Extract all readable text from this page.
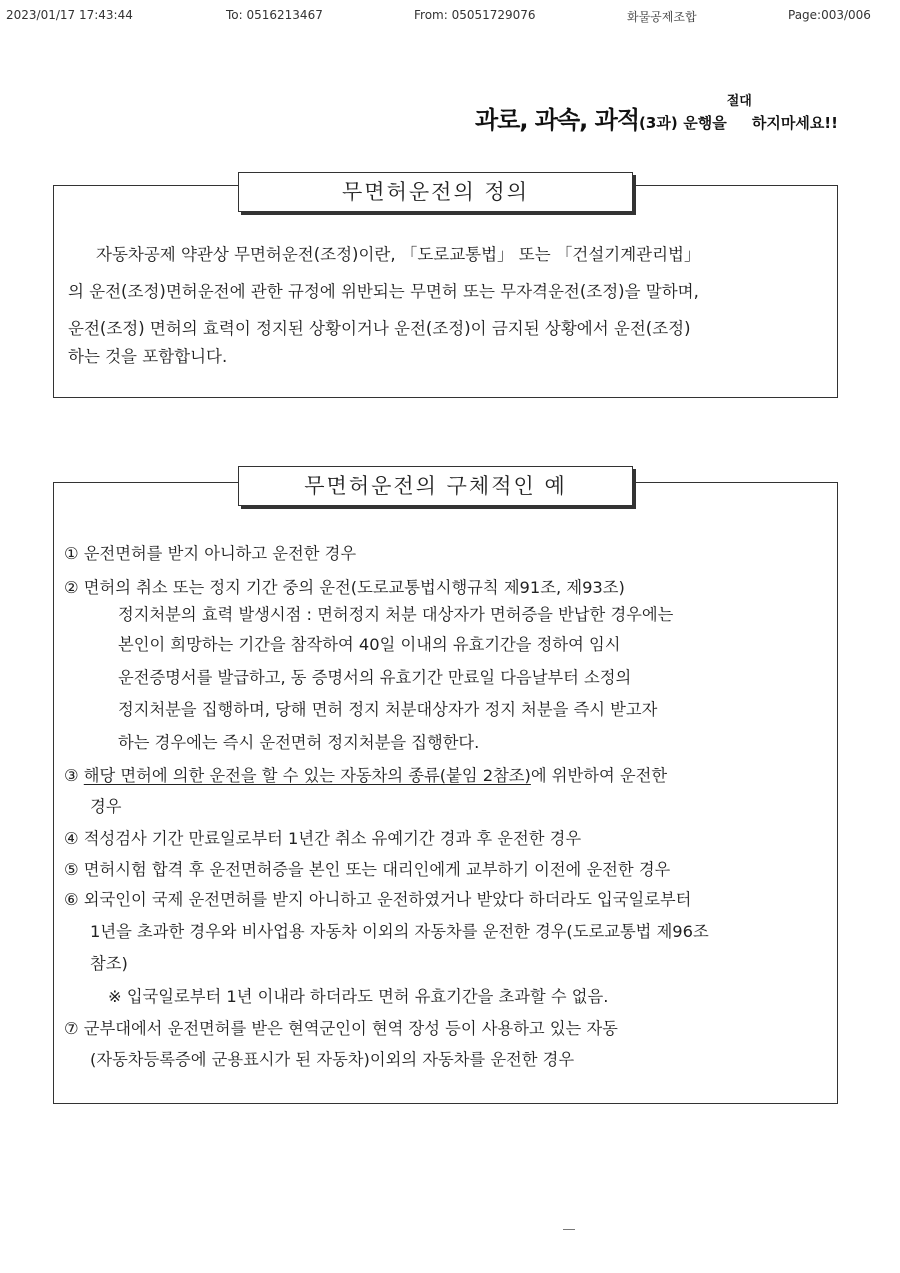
2023/01/17 17:43:44	To: 0516213467	From: 05051729076	화물공제조합	Page:003/006
과로, 과속, 과적(3과) 운행을$^{절대}$하지마세요!!
무면허운전의 정의
자동차공제 약관상 무면허운전(조정)이란, 「도로교통법」 또는 「건설기계관리법」
의 운전(조정)면허운전에 관한 규정에 위반되는 무면허 또는 무자격운전(조정)을 말하며,
운전(조정) 면허의 효력이 정지된 상황이거나 운전(조정)이 금지된 상황에서 운전(조정)
하는 것을 포함합니다.
무면허운전의 구체적인 예
① 운전면허를 받지 아니하고 운전한 경우
② 면허의 취소 또는 정지 기간 중의 운전(도로교통법시행규칙 제91조, 제93조)
정지처분의 효력 발생시점 : 면허정지 처분 대상자가 면허증을 반납한 경우에는
본인이 희망하는 기간을 참작하여 40일 이내의 유효기간을 정하여 임시
운전증명서를 발급하고, 동 증명서의 유효기간 만료일 다음날부터 소정의
정지처분을 집행하며, 당해 면허 정지 처분대상자가 정지 처분을 즉시 받고자
하는 경우에는 즉시 운전면허 정지처분을 집행한다.
③ 해당 면허에 의한 운전을 할 수 있는 자동차의 종류(붙임 2참조)에 위반하여 운전한
경우
④ 적성검사 기간 만료일로부터 1년간 취소 유예기간 경과 후 운전한 경우
⑤ 면허시험 합격 후 운전면허증을 본인 또는 대리인에게 교부하기 이전에 운전한 경우
⑥ 외국인이 국제 운전면허를 받지 아니하고 운전하였거나 받았다 하더라도 입국일로부터
1년을 초과한 경우와 비사업용 자동차 이외의 자동차를 운전한 경우(도로교통법 제96조
참조)
※ 입국일로부터 1년 이내라 하더라도 면허 유효기간을 초과할 수 없음.
⑦ 군부대에서 운전면허를 받은 현역군인이 현역 장성 등이 사용하고 있는 자동
(자동차등록증에 군용표시가 된 자동차)이외의 자동차를 운전한 경우
